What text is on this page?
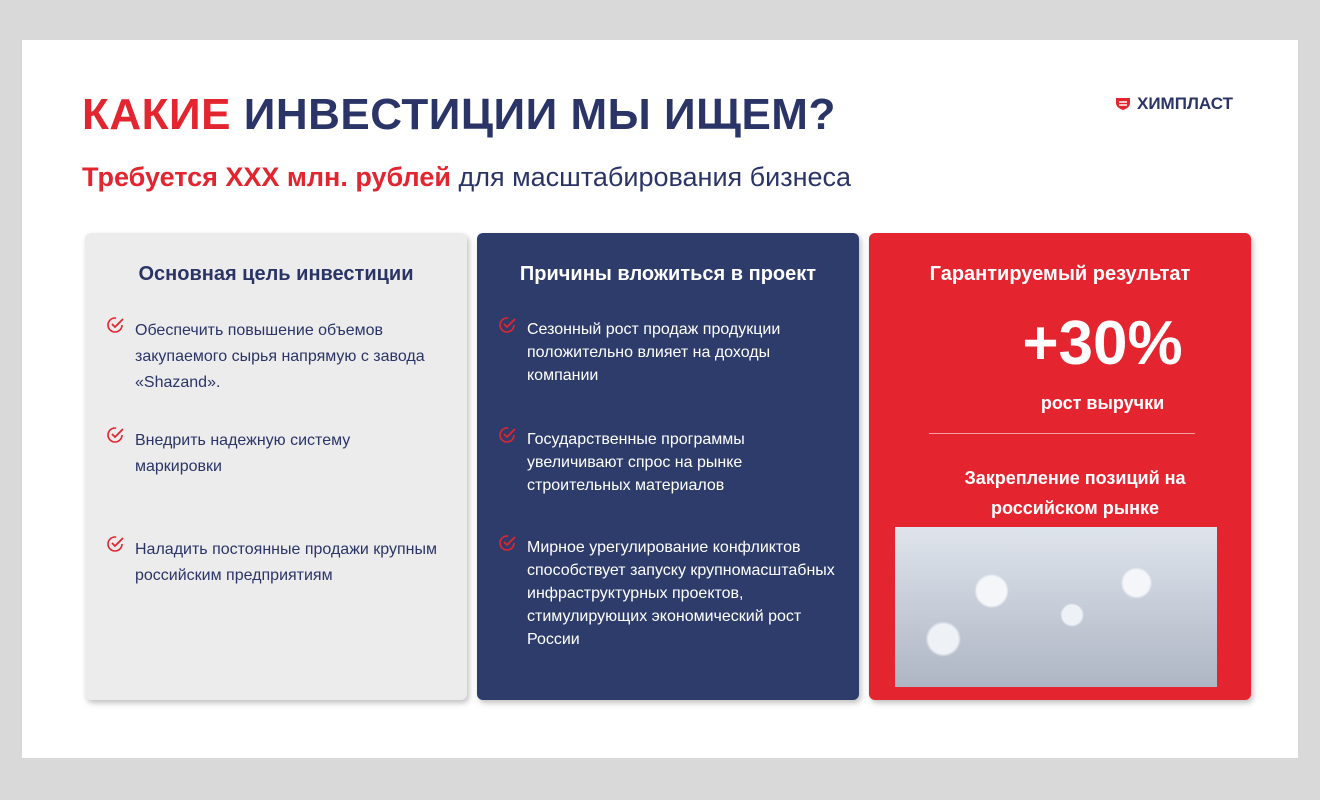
КАКИЕ ИНВЕСТИЦИИ МЫ ИЩЕМ?
Требуется XXX млн. рублей для масштабирования бизнеса
ХИМПЛАСТ
Основная цель инвестиции
Обеспечить повышение объемов закупаемого сырья напрямую с завода «Shazand».
Внедрить надежную систему маркировки
Наладить постоянные продажи крупным российским предприятиям
Причины вложиться в проект
Сезонный рост продаж продукции положительно влияет на доходы компании
Государственные программы увеличивают спрос на рынке строительных материалов
Мирное урегулирование конфликтов способствует запуску крупномасштабных инфраструктурных проектов, стимулирующих экономический рост России
Гарантируемый результат
+30%
рост выручки
Закрепление позиций на российском рынке
